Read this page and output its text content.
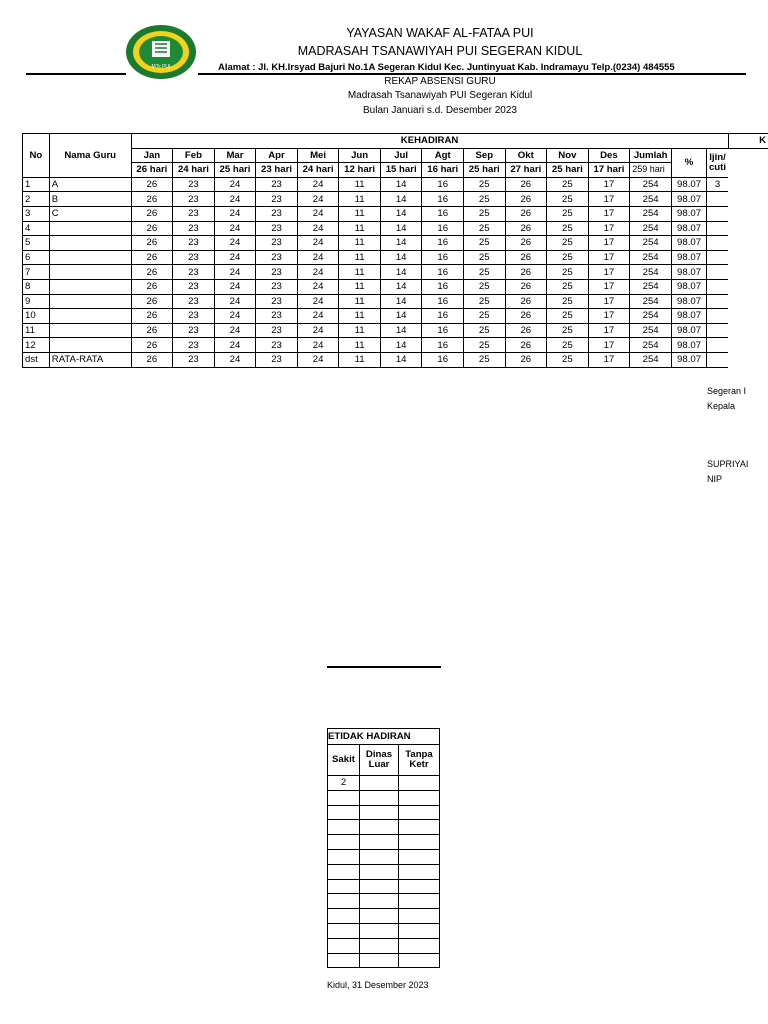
MTs PUI
YAYASAN WAKAF AL-FATAA PUI
MADRASAH TSANAWIYAH PUI SEGERAN KIDUL
Alamat : Jl. KH.Irsyad Bajuri No.1A Segeran Kidul Kec. Juntinyuat Kab. Indramayu Telp.(0234) 484555
REKAP ABSENSI GURU
Madrasah Tsanawiyah PUI Segeran Kidul
Bulan Januari s.d. Desember 2023
No	Nama Guru	KEHADIRAN															K
		Jan	Feb	Mar	Apr	Mei	Jun	Jul	Agt	Sep	Okt	Nov	Des	Jumlah	%	Ijin/ cuti	
		26 hari	24 hari	25 hari	23 hari	24 hari	12 hari	15 hari	16 hari	25 hari	27 hari	25 hari	17 hari	259 hari			
1	A	26	23	24	23	24	11	14	16	25	26	25	17	254	98.07	3	
2	B	26	23	24	23	24	11	14	16	25	26	25	17	254	98.07		
3	C	26	23	24	23	24	11	14	16	25	26	25	17	254	98.07		
4		26	23	24	23	24	11	14	16	25	26	25	17	254	98.07		
5		26	23	24	23	24	11	14	16	25	26	25	17	254	98.07		
6		26	23	24	23	24	11	14	16	25	26	25	17	254	98.07		
7		26	23	24	23	24	11	14	16	25	26	25	17	254	98.07		
8		26	23	24	23	24	11	14	16	25	26	25	17	254	98.07		
9		26	23	24	23	24	11	14	16	25	26	25	17	254	98.07		
10		26	23	24	23	24	11	14	16	25	26	25	17	254	98.07		
11		26	23	24	23	24	11	14	16	25	26	25	17	254	98.07		
12		26	23	24	23	24	11	14	16	25	26	25	17	254	98.07		
dst	RATA-RATA	26	23	24	23	24	11	14	16	25	26	25	17	254	98.07		
Segeran I
Kepala
SUPRIYAI
NIP
ETIDAK HADIRAN		
Sakit	Dinas Luar	Tanpa Ketr
2		

Kidul, 31 Desember 2023
